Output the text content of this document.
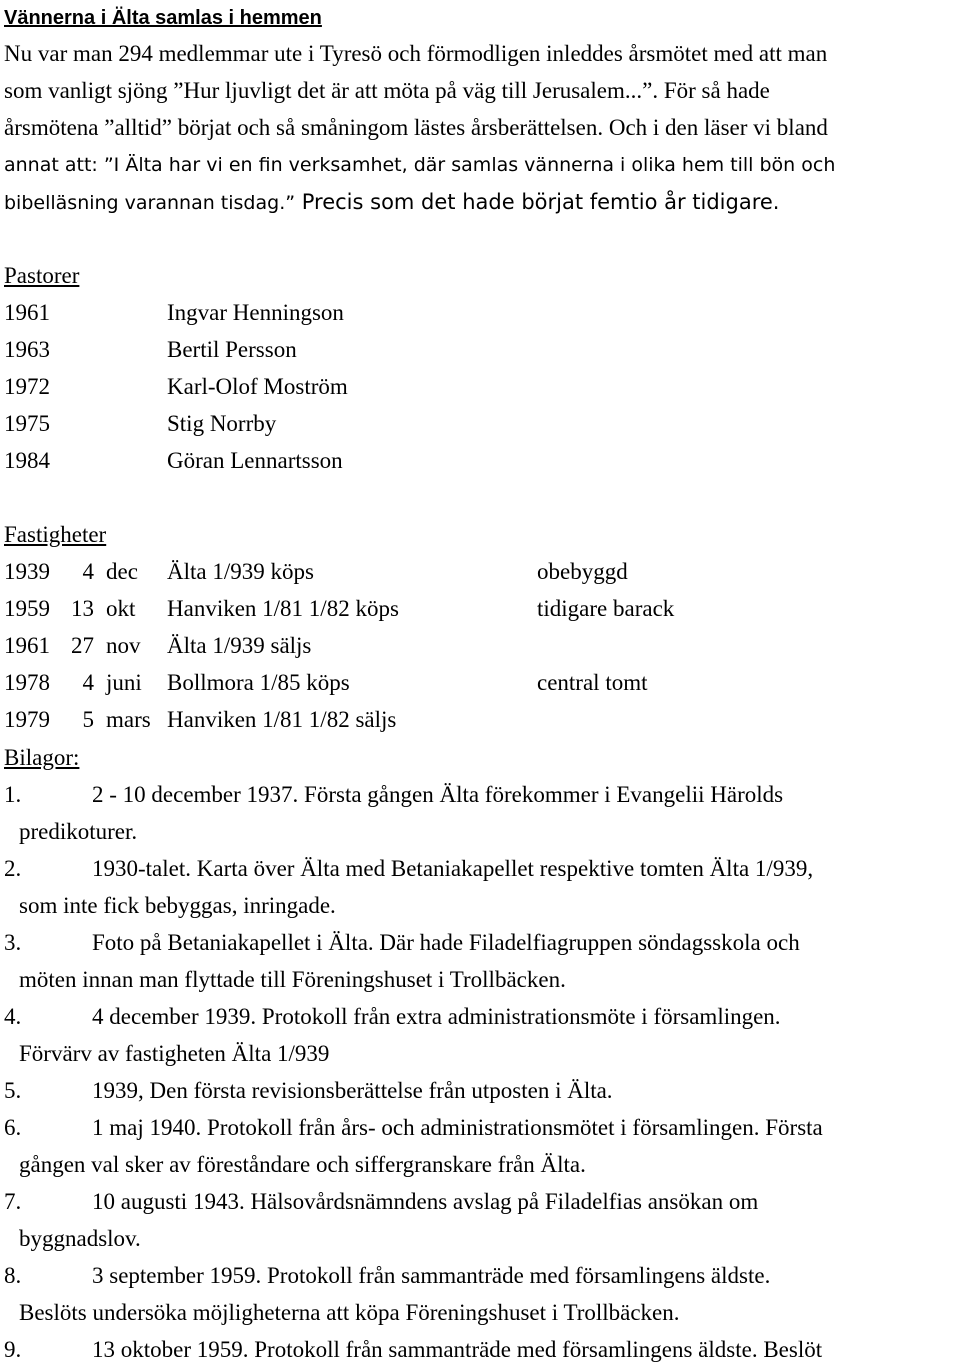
Vännerna i Älta samlas i hemmen
Nu var man 294 medlemmar ute i Tyresö och förmodligen inleddes årsmötet med att man
som vanligt sjöng ”Hur ljuvligt det är att möta på väg till Jerusalem...”. För så hade
årsmötena ”alltid” börjat och så småningom lästes årsberättelsen. Och i den läser vi bland
annat att: ”I Älta har vi en fin verksamhet, där samlas vännerna i olika hem till bön och
bibelläsning varannan tisdag.” Precis som det hade börjat femtio år tidigare.
Pastorer
1961	Ingvar Henningson
1963	Bertil Persson
1972	Karl-Olof Moström
1975	Stig Norrby
1984	Göran Lennartsson
Fastigheter
1939	4 dec Älta 1/939 köps	obebyggd
1959 13 okt Hanviken 1/81 1/82 köps	tidigare barack
1961 27 nov Älta 1/939 säljs
1978	4 juni Bollmora 1/85 köps	central tomt
1979	5 mars Hanviken 1/81 1/82 säljs
Bilagor:
1.	2 - 10 december 1937. Första gången Älta förekommer i Evangelii Härolds
predikoturer.
2.	1930-talet. Karta över Älta med Betaniakapellet respektive tomten Älta 1/939,
som inte fick bebyggas, inringade.
3.	Foto på Betaniakapellet i Älta. Där hade Filadelfiagruppen söndagsskola och
möten innan man flyttade till Föreningshuset i Trollbäcken.
4.	4 december 1939. Protokoll från extra administrationsmöte i församlingen.
Förvärv av fastigheten Älta 1/939
5.	1939, Den första revisionsberättelse från utposten i Älta.
6.	1 maj 1940. Protokoll från års- och administrationsmötet i församlingen. Första
gången val sker av föreståndare och siffergranskare från Älta.
7.	10 augusti 1943. Hälsovårdsnämndens avslag på Filadelfias ansökan om
byggnadslov.
8.	3 september 1959. Protokoll från sammanträde med församlingens äldste.
Beslöts undersöka möjligheterna att köpa Föreningshuset i Trollbäcken.
9.	13 oktober 1959. Protokoll från sammanträde med församlingens äldste. Beslöt
